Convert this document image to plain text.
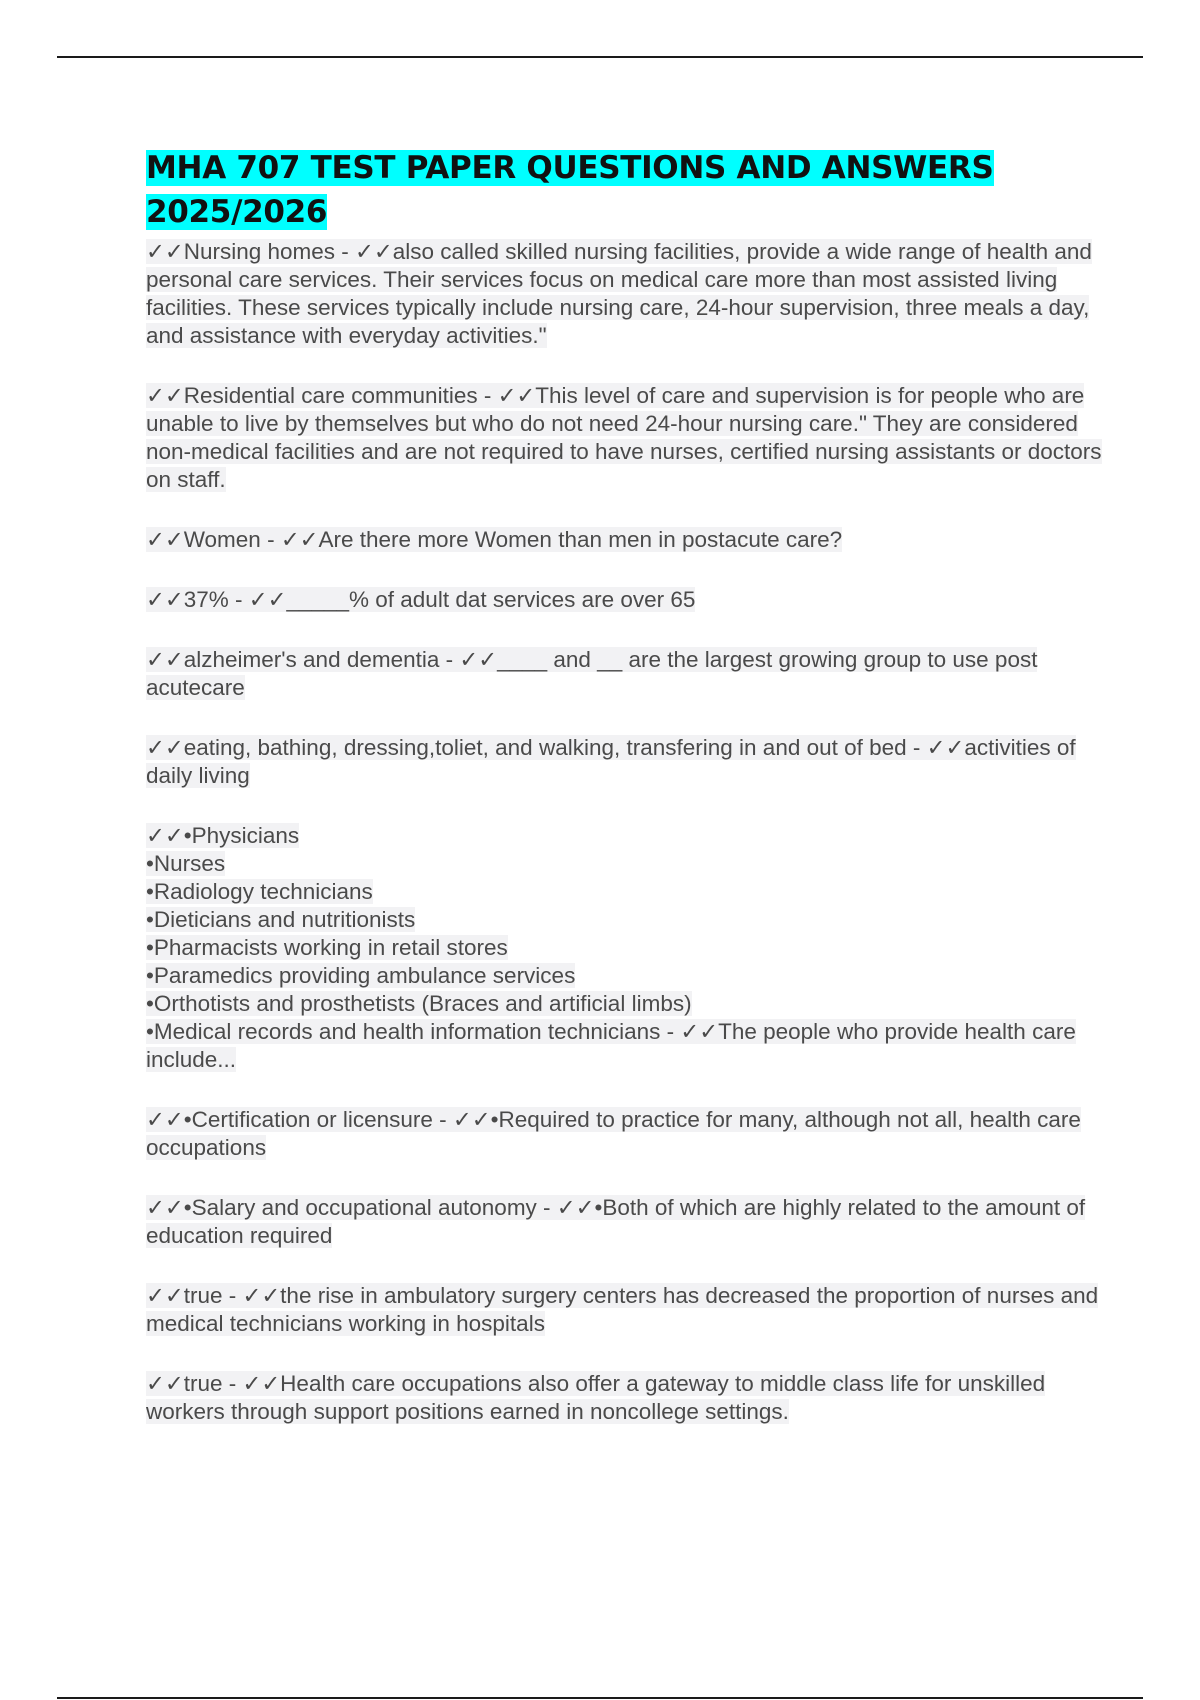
MHA 707 TEST PAPER QUESTIONS AND ANSWERS 2025/2026
✓✓Nursing homes - ✓✓also called skilled nursing facilities, provide a wide range of health and personal care services. Their services focus on medical care more than most assisted living facilities. These services typically include nursing care, 24-hour supervision, three meals a day, and assistance with everyday activities."
✓✓Residential care communities - ✓✓This level of care and supervision is for people who are unable to live by themselves but who do not need 24-hour nursing care." They are considered non-medical facilities and are not required to have nurses, certified nursing assistants or doctors on staff.
✓✓Women - ✓✓Are there more Women than men in postacute care?
✓✓37% - ✓✓_____% of adult dat services are over 65
✓✓alzheimer's and dementia - ✓✓____ and __ are the largest growing group to use post acutecare
✓✓eating, bathing, dressing,toliet, and walking, transfering in and out of bed - ✓✓activities of daily living
✓✓•Physicians
•Nurses
•Radiology technicians
•Dieticians and nutritionists
•Pharmacists working in retail stores
•Paramedics providing ambulance services
•Orthotists and prosthetists (Braces and artificial limbs)
•Medical records and health information technicians - ✓✓The people who provide health care include...
✓✓•Certification or licensure - ✓✓•Required to practice for many, although not all, health care occupations
✓✓•Salary and occupational autonomy - ✓✓•Both of which are highly related to the amount of education required
✓✓true - ✓✓the rise in ambulatory surgery centers has decreased the proportion of nurses and medical technicians working in hospitals
✓✓true - ✓✓Health care occupations also offer a gateway to middle class life for unskilled workers through support positions earned in noncollege settings.
